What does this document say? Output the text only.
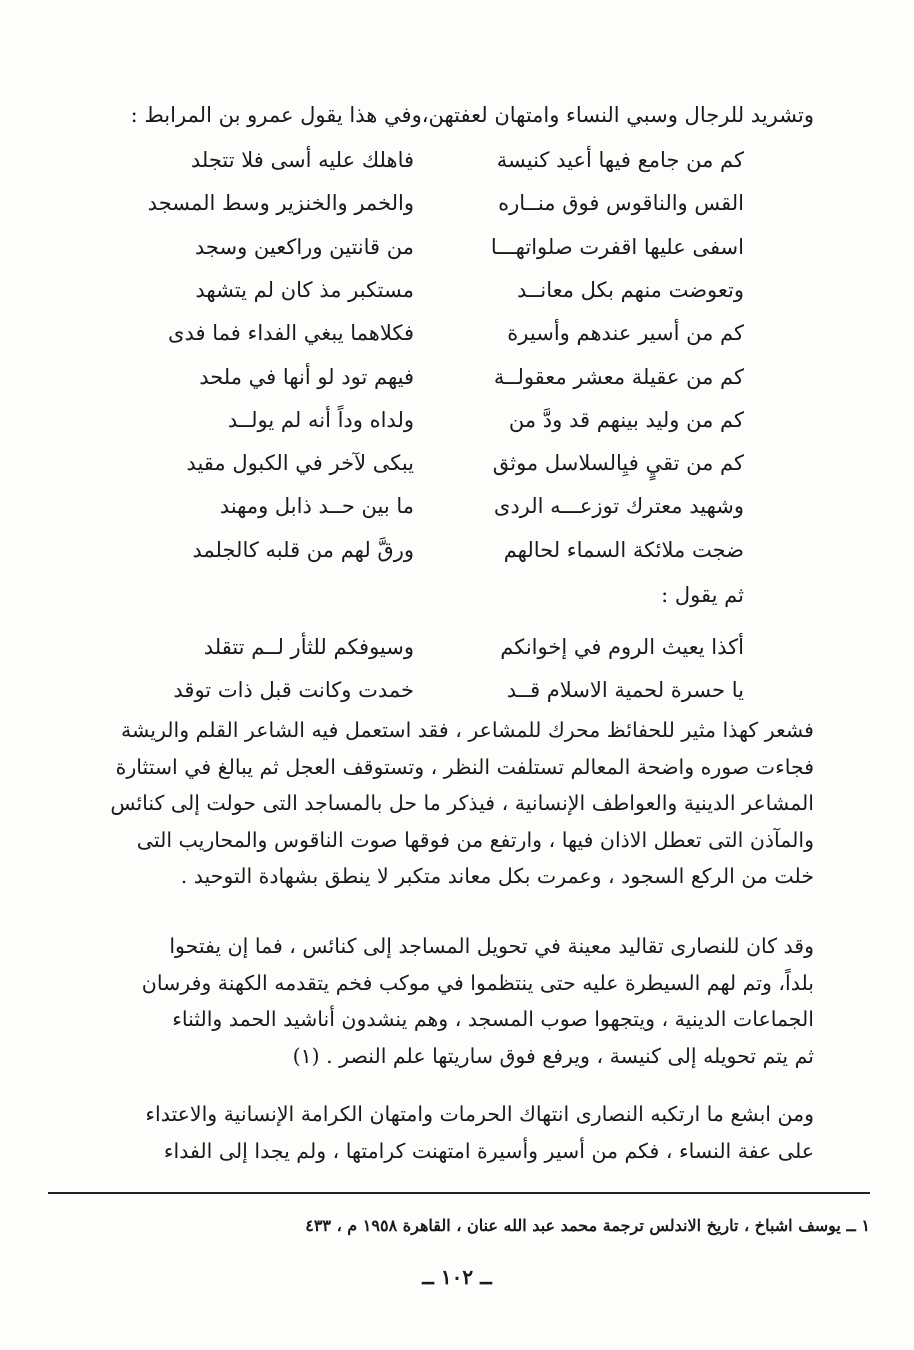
وتشريد للرجال وسبي النساء وامتهان لعفتهن،وفي هذا يقول عمرو بن المرابط :
كم من جامع فيها أعيد كنيسة
فاهلك عليه أسى فلا تتجلد
القس والناقوس فوق منــاره
والخمر والخنزير وسط المسجد
اسفى عليها اقفرت صلواتهـــا
من قانتين وراكعين وسجد
وتعوضت منهم بكل معانــد
مستكبر مذ كان لم يتشهد
كم من أسير عندهم وأسيرة
فكلاهما يبغي الفداء فما فدى
كم من عقيلة معشر معقولــة
فيهم تود لو أنها في ملحد
كم من وليد بينهم قد ودَّ من
ولداه وداً أنه لم يولــد
كم من تقيٍ فيِالسلاسل موثق
يبكى لآخر في الكبول مقيد
وشهيد معترك توزعـــه الردى
ما بين حــد ذابل ومهند
ضجت ملائكة السماء لحالهم
ورقَّ لهم من قلبه كالجلمد
ثم يقول :
أكذا يعيث الروم في إخوانكم
وسيوفكم للثأر لــم تتقلد
يا حسرة لحمية الاسلام قــد
خمدت وكانت قبل ذات توقد

فشعر كهذا مثير للحفائظ محرك للمشاعر ، فقد استعمل فيه الشاعر القلم والريشة

فجاءت صوره واضحة المعالم تستلفت النظر ، وتستوقف العجل ثم يبالغ في استثارة

المشاعر الدينية والعواطف الإنسانية ، فيذكر ما حل بالمساجد التى حولت إلى كنائس

والمآذن التى تعطل الاذان فيها ، وارتفع من فوقها صوت الناقوس والمحاريب التى

خلت من الركع السجود ، وعمرت بكل معاند متكبر لا ينطق بشهادة التوحيد .

وقد كان للنصارى تقاليد معينة في تحويل المساجد إلى كنائس ، فما إن يفتحوا

بلداً، وتم لهم السيطرة عليه حتى ينتظموا في موكب فخم يتقدمه الكهنة وفرسان

الجماعات الدينية ، ويتجهوا صوب المسجد ، وهم ينشدون أناشيد الحمد والثناء

ثم يتم تحويله إلى كنيسة ، ويرفع فوق ساريتها علم النصر . (١)

ومن ابشع ما ارتكبه النصارى انتهاك الحرمات وامتهان الكرامة الإنسانية والاعتداء

على عفة النساء ، فكم من أسير وأسيرة امتهنت كرامتها ، ولم يجدا إلى الفداء

١ ــ يوسف اشباخ ، تاريخ الاندلس ترجمة محمد عبد الله عنان ، القاهرة ١٩٥٨ م ، ٤٣٣
ــ ١٠٢ ــ
